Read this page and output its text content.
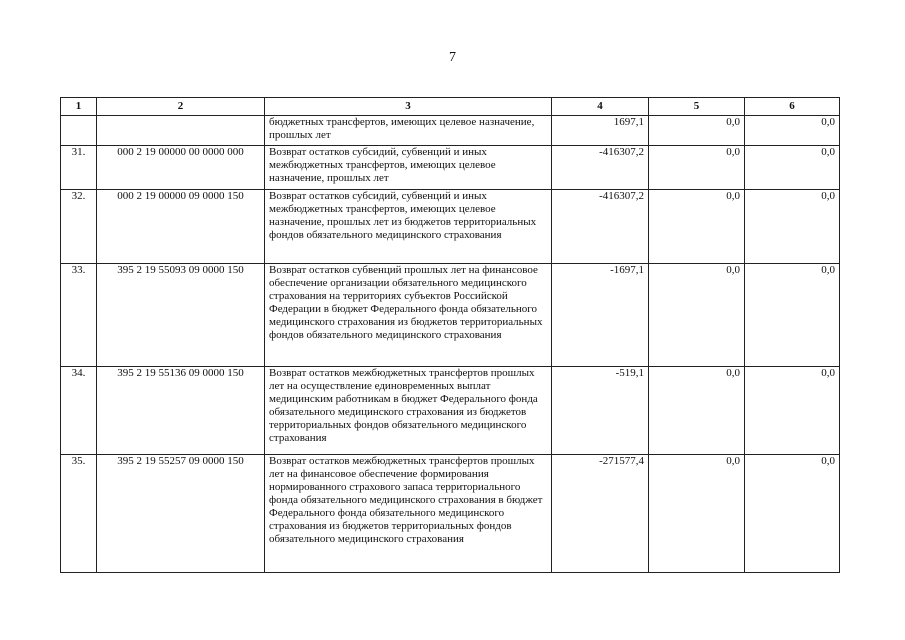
7
1	2	3	4	5	6
		бюджетных трансфертов, имеющих целевое назначение, прошлых лет	1697,1	0,0	0,0
31.	000 2 19 00000 00 0000 000	Возврат остатков субсидий, субвенций и иных межбюджетных трансфертов, имеющих целевое назначение, прошлых лет	-416307,2	0,0	0,0
32.	000 2 19 00000 09 0000 150	Возврат остатков субсидий, субвенций и иных межбюджетных трансфертов, имеющих целевое назначение, прошлых лет из бюджетов территориальных фондов обязательного медицинского страхования	-416307,2	0,0	0,0
33.	395 2 19 55093 09 0000 150	Возврат остатков субвенций прошлых лет на финансовое обеспечение организации обязательного медицинского страхования на территориях субъектов Российской Федерации в бюджет Федерального фонда обязательного медицинского страхования из бюджетов территориальных фондов обязательного медицинского страхования	-1697,1	0,0	0,0
34.	395 2 19 55136 09 0000 150	Возврат остатков межбюджетных трансфертов прошлых лет на осуществление единовременных выплат медицинским работникам в бюджет Федерального фонда обязательного медицинского страхования из бюджетов территориальных фондов обязательного медицинского страхования	-519,1	0,0	0,0
35.	395 2 19 55257 09 0000 150	Возврат остатков межбюджетных трансфертов прошлых лет на финансовое обеспечение формирования нормированного страхового запаса территориального фонда обязательного медицинского страхования в бюджет Федерального фонда обязательного медицинского страхования из бюджетов территориальных фондов обязательного медицинского страхования	-271577,4	0,0	0,0
